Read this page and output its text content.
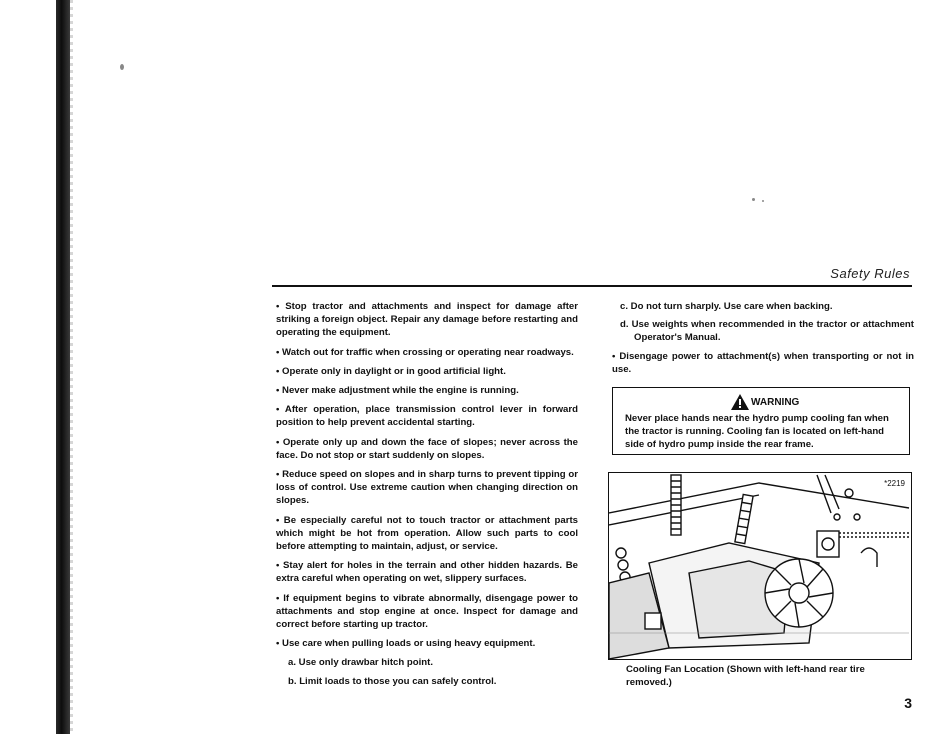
Safety Rules

• Stop tractor and attachments and inspect for damage after striking a foreign object. Repair any damage before restarting and operating the equipment.

• Watch out for traffic when crossing or operating near roadways.

• Operate only in daylight or in good artificial light.

• Never make adjustment while the engine is running.

• After operation, place transmission control lever in forward position to help prevent accidental starting.

• Operate only up and down the face of slopes; never across the face. Do not stop or start suddenly on slopes.

• Reduce speed on slopes and in sharp turns to prevent tipping or loss of control. Use extreme caution when changing direction on slopes.

• Be especially careful not to touch tractor or attachment parts which might be hot from operation. Allow such parts to cool before attempting to maintain, adjust, or service.

• Stay alert for holes in the terrain and other hidden hazards. Be extra careful when operating on wet, slippery surfaces.

• If equipment begins to vibrate abnormally, disengage power to attachments and stop engine at once. Inspect for damage and correct before starting up tractor.

• Use care when pulling loads or using heavy equipment.

a. Use only drawbar hitch point.

b. Limit loads to those you can safely control.

c. Do not turn sharply. Use care when backing.

d. Use weights when recommended in the tractor or attachment Operator's Manual.

• Disengage power to attachment(s) when transporting or not in use.

WARNING
Never place hands near the hydro pump cooling fan when the tractor is running. Cooling fan is located on left-hand side of hydro pump inside the rear frame.
*2219
Cooling Fan Location (Shown with left-hand rear tire removed.)
3
